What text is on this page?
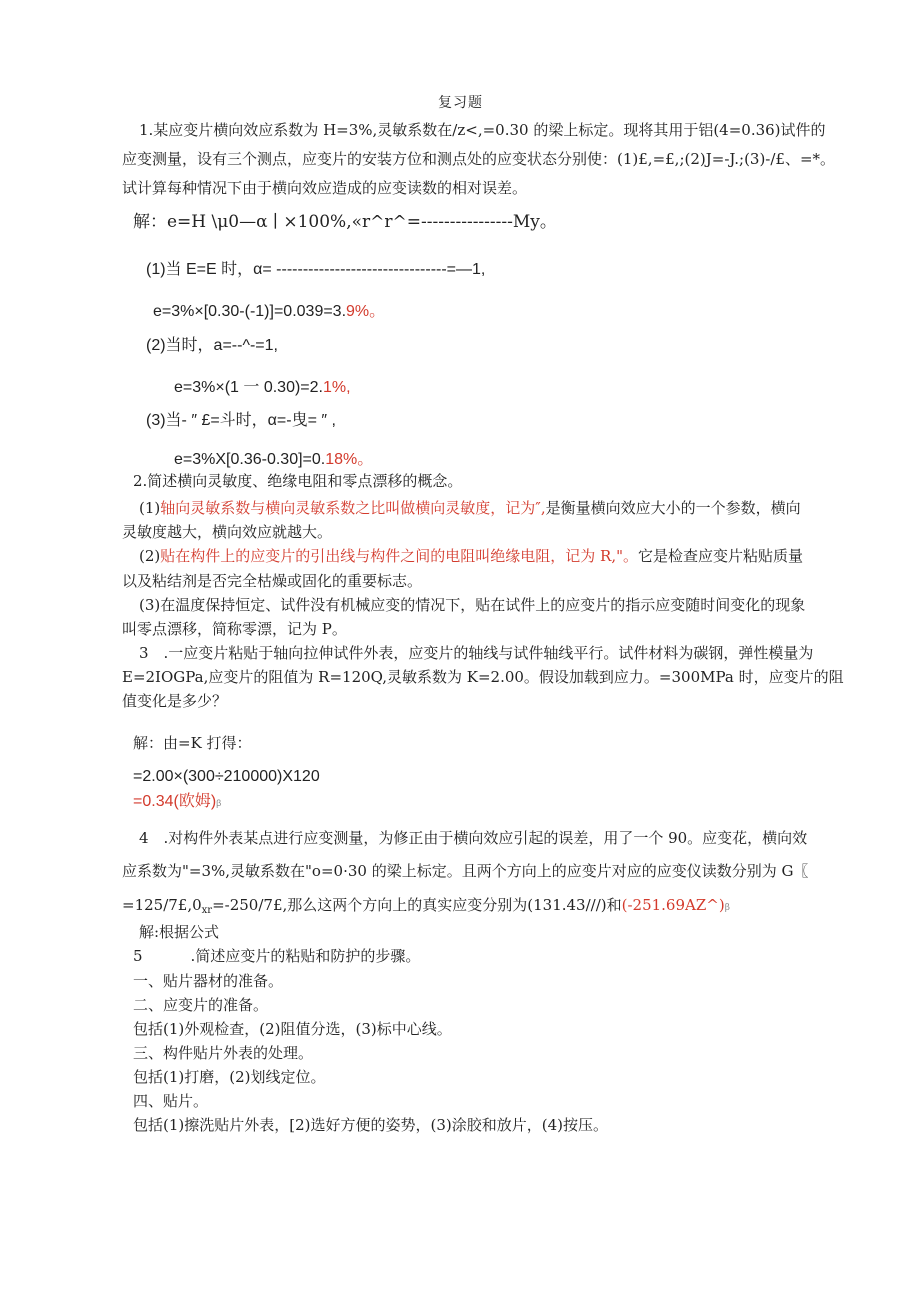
复习题
1.某应变片横向效应系数为 H=3%,灵敏系数在/z<,=0.30 的梁上标定。现将其用于铝(4=0.36)试件的
应变测量，设有三个测点，应变片的安装方位和测点处的应变状态分别使：(1)£,=£,;(2)J=-J.;(3)-/£、=*。
试计算每种情况下由于横向效应造成的应变读数的相对误差。
解：e=H \μ0—α ∣ ×100%,«r^r^=----------------My。
(1)当 E=E 时，α= --------------------------------=—1,
e=3%×[0.30-(-1)]=0.039=3.9%。
(2)当时，a=--^-=1,
e=3%×(1 一 0.30)=2.1%,
(3)当- ″ £=斗时，α=-曳= ″ ,
e=3%X[0.36-0.30]=0.18%。
2.简述横向灵敏度、绝缘电阻和零点漂移的概念。
(1)轴向灵敏系数与横向灵敏系数之比叫做横向灵敏度，记为″,是衡量横向效应大小的一个参数，横向
灵敏度越大，横向效应就越大。
(2)贴在构件上的应变片的引出线与构件之间的电阻叫绝缘电阻，记为 R,"。它是检查应变片粘贴质量
以及粘结剂是否完全枯燥或固化的重要标志。
(3)在温度保持恒定、试件没有机械应变的情况下，贴在试件上的应变片的指示应变随时间变化的现象
叫零点漂移，简称零漂，记为 P。
3　.一应变片粘贴于轴向拉伸试件外表，应变片的轴线与试件轴线平行。试件材料为碳钢，弹性模量为
E=2IOGPa,应变片的阻值为 R=120Q,灵敏系数为 K=2.00。假设加载到应力。=300MPa 时，应变片的阻
值变化是多少？
解：由=K 打得：
=2.00×(300÷210000)X120
=0.34(欧姆)β
4　.对构件外表某点进行应变测量，为修正由于横向效应引起的误差，用了一个 90。应变花，横向效
应系数为"=3%,灵敏系数在"o=0·30 的梁上标定。且两个方向上的应变片对应的应变仪读数分别为 G〖
$=125/7£,0_{xr}=-250/7£$,那么这两个方向上的真实应变分别为(131.43///)和(-251.69AZ^)β
解:根据公式
5	.简述应变片的粘贴和防护的步骤。
一、贴片器材的准备。
二、应变片的准备。
包括(1)外观检查，(2)阻值分选，(3)标中心线。
三、构件贴片外表的处理。
包括(1)打磨，(2)划线定位。
四、贴片。
包括(1)擦洗贴片外表，[2)选好方便的姿势，(3)涂胶和放片，(4)按压。
